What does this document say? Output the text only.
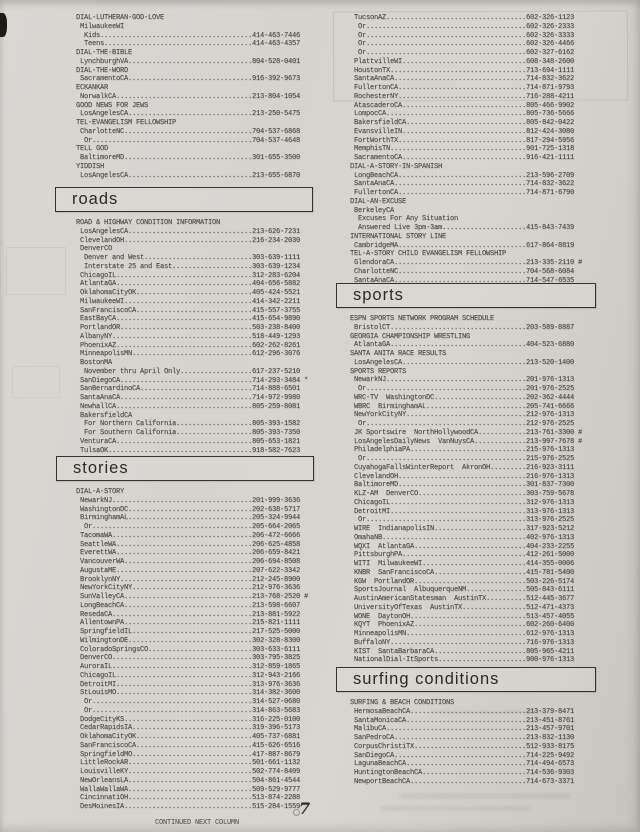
DIAL-LUTHERAN-GOD-LOVE
MilwaukeeWI
Kids......................................414-463-7446
Teens.....................................414-463-4357
DIAL-THE-BIBLE
LynchburghVA...............................804-528-0401
DIAL-THE-WORD
SacramentoCA...............................916-392-9673
ECKANKAR
NorwalkCA..................................213-804-1054
GOOD NEWS FOR JEWS
LosAngelesCA...............................213-250-5475
TEL-EVANGELISM FELLOWSHIP
CharlotteNC................................704-537-6868
Or........................................704-537-4648
TELL GOD
BaltimoreMD................................301-655-3500
YIDDISH
LosAngelesCA...............................213-655-6870
roads
ROAD & HIGHWAY CONDITION INFORMATION
LosAngelesCA...............................213-626-7231
ClevelandOH................................216-234-2030
DenverCO
Denver and West...........................303-639-1111
Interstate 25 and East....................303-639-1234
ChicagoIL..................................312-283-6204
AtlantaGA..................................404-656-5882
OklahomaCityOK.............................405-424-5521
MilwaukeeWI................................414-342-2211
SanFranciscoCA.............................415-557-3755
EastBayCA..................................415-654-9890
PortlandOR.................................503-238-8400
AlbanyNY...................................518-449-1293
PhoenixAZ..................................602-262-8261
MinneapolisMN..............................612-296-3076
BostonMA
November thru April Only..................617-237-5210
SanDiegoCA.................................714-293-3484 *
SanBernardinoCA............................714-888-6501
SantaAnaCA.................................714-972-9980
NewhallCA..................................805-259-8081
BakersfieldCA
For Northern California...................805-393-1582
For Southern California...................805-393-7350
VenturaCA..................................805-653-1821
TulsaOK....................................918-582-7623
stories
DIAL-A-STORY
NewarkNJ...................................201-999-3636
WashingtonDC...............................202-638-5717
BirminghamAL...............................205-324-9944
Or........................................205-664-2065
TacomaWA...................................206-472-6666
SeattleWA..................................206-625-4858
EverettWA..................................206-659-8421
VancouverWA................................206-694-8508
AugustaME..................................207-622-3342
BrooklynNY.................................212-245-8900
NewYorkCityNY..............................212-976-3636
SunValleyCA................................213-768-2520 #
LongBeachCA................................213-598-6607
ResedaCA...................................213-881-5922
AllentownPA................................215-821-1111
SpringfieldIL..............................217-525-5000
WilmingtonDE...............................302-328-8300
ColoradoSpringsCO..........................303-633-6111
DenverCO...................................303-795-3825
AuroraIL...................................312-859-1865
ChicagoIL..................................312-943-2166
DetroitMI..................................313-976-3636
StLouisMO..................................314-382-3600
Or........................................314-527-0680
Or........................................314-863-5683
DodgeCityKS................................316-225-0100
CedarRapidsIA..............................319-396-5173
OklahomaCityOK.............................405-737-6881
SanFranciscoCA.............................415-626-6516
SpringfieldMO..............................417-887-8679
LittleRockAR...............................501-661-1132
LouisvilleKY...............................502-774-8409
NewOrleansLA...............................504-861-4544
WallaWallaWA...............................509-529-9777
CincinnatiOH...............................513-874-2288
DesMoinesIA................................515-284-1559
TucsonAZ...................................602-326-1123
Or........................................602-326-2333
Or........................................602-326-3333
Or........................................602-326-4466
Or........................................602-327-6162
PlattvilleWI...............................608-348-2600
HoustonTX..................................713-694-1111
SantaAnaCA.................................714-832-3622
FullertonCA................................714-871-9793
RochesterNY................................716-288-4211
AtascaderoCA...............................805-466-9902
LompocCA...................................805-736-5666
BakersfieldCA..............................805-842-0422
EvansvilleIN...............................812-424-3080
FortWorthTX................................817-294-5956
MemphisTN..................................901-725-1318
SacramentoCA...............................916-421-1111
DIAL-A-STORY-IN-SPANISH
LongBeachCA................................213-596-2709
SantaAnaCA.................................714-832-3622
FullertonCA................................714-871-6790
DIAL-AN-EXCUSE
BerkeleyCA
Excuses For Any Situation
Answered Live 3pm-3am.....................415-843-7439
INTERNATIONAL STORY LINE
CambridgeMA................................617-864-8819
TEL-A-STORY CHILD EVANGELISM FELLOWSHIP
GlendoraCA.................................213-335-2110 #
CharlotteNC................................704-568-6084
SantaAnaCA.................................714-547-6535
sports
ESPN SPORTS NETWORK PROGRAM SCHEDULE
BristolCT..................................203-589-8887
GEORGIA CHAMPIONSHIP WRESTLING
AtlantaGA..................................404-523-6880
SANTA ANITA RACE RESULTS
LosAngelesCA...............................213-520-1400
SPORTS REPORTS
NewarkNJ...................................201-976-1313
Or........................................201-976-2525
WRC-TV  WashingtonDC.......................202-362-4444
WBRC  BirminghamAL.........................205-741-6666
NewYorkCityNY..............................212-976-1313
Or........................................212-976-2525
JK Sportswire  NorthHollywoodCA............213-761-3300 #
LosAngelesDailyNews  VanNuysCA.............213-997-7678 #
PhiladelphiaPA.............................215-976-1313
Or........................................215-976-2525
CuyahogaFallsWinterReport  AkronOH.........216-923-3111
ClevelandOH................................216-976-1313
BaltimoreMD................................301-837-7300
KLZ-AM  DenverCO...........................303-759-5678
ChicagoIL..................................312-976-1313
DetroitMI..................................313-976-1313
Or........................................313-976-2525
WIRE  IndianapolisIN.......................317-923-5212
OmahaNB....................................402-976-1313
WQXI  AtlantaGA............................404-233-2255
PittsburghPA...............................412-261-5000
WITI  MilwaukeeWI..........................414-355-0006
KNBR  SanFranciscoCA.......................415-781-5400
KGW  PortlandOR............................503-226-5174
SportsJournal  AlbuquerqueNM...............505-843-6111
AustinAmericanStatesman  AustinTX..........512-445-3677
UniversityOfTexas  AustinTX................512-471-4373
WONE  DaytonOH.............................513-457-4055
KQYT  PhoenixAZ............................602-260-6400
MinneapolisMN..............................612-976-1313
BuffaloNY..................................716-976-1313
KIST  SantaBarbaraCA.......................805-965-4211
NationalDial-ItSports......................900-976-1313
surfing conditions
SURFING & BEACH CONDITIONS
HermosaBeachCA.............................213-379-8471
SantaMonicaCA..............................213-451-8761
MalibuCA...................................213-457-9701
SanPedroCA.................................213-832-1130
CorpusChristiTX............................512-933-8175
SanDiegoCA.................................714-225-9492
LagunaBeachCA..............................714-494-6573
HuntingtonBeachCA..........................714-536-9303
NewportBeachCA.............................714-673-3371
CONTINUED NEXT COLUMN
7
